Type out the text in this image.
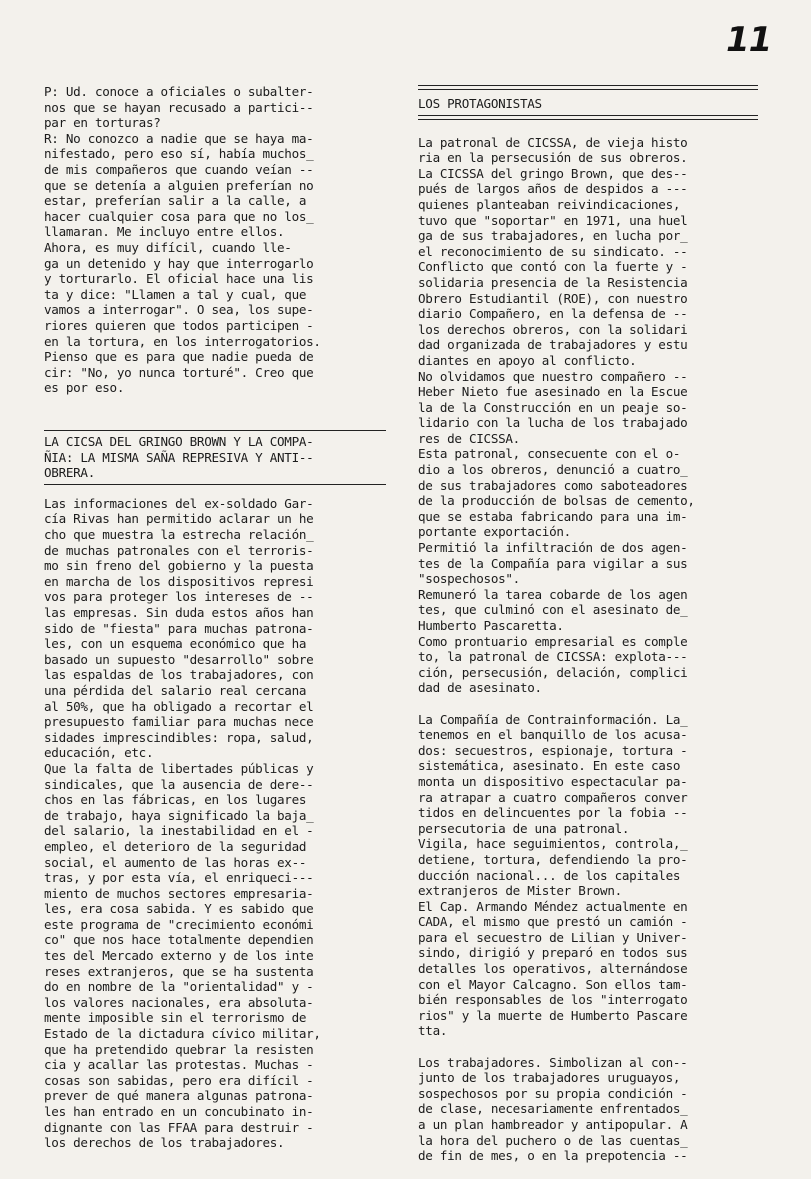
11
P: Ud. conoce a oficiales o subalter-
nos que se hayan recusado a partici--
par en torturas?
R: No conozco a nadie que se haya ma-
nifestado, pero eso sí, había muchos_
de mis compañeros que cuando veían --
que se detenía a alguien preferían no
estar, preferían salir a la calle, a
hacer cualquier cosa para que no los_
llamaran. Me incluyo entre ellos.
Ahora, es muy difícil, cuando lle-
ga un detenido y hay que interrogarlo
y torturarlo. El oficial hace una lis
ta y dice: "Llamen a tal y cual, que
vamos a interrogar". O sea, los supe-
riores quieren que todos participen -
en la tortura, en los interrogatorios.
Pienso que es para que nadie pueda de
cir: "No, yo nunca torturé". Creo que
es por eso.
LA CICSA DEL GRINGO BROWN Y LA COMPA-
ÑIA: LA MISMA SAÑA REPRESIVA Y ANTI--
OBRERA.
Las informaciones del ex-soldado Gar-
cía Rivas han permitido aclarar un he
cho que muestra la estrecha relación_
de muchas patronales con el terroris-
mo sin freno del gobierno y la puesta
en marcha de los dispositivos represi
vos para proteger los intereses de --
las empresas. Sin duda estos años han
sido de "fiesta" para muchas patrona-
les, con un esquema económico que ha
basado un supuesto "desarrollo" sobre
las espaldas de los trabajadores, con
una pérdida del salario real cercana
al 50%, que ha obligado a recortar el
presupuesto familiar para muchas nece
sidades imprescindibles: ropa, salud,
educación, etc.
Que la falta de libertades públicas y
sindicales, que la ausencia de dere--
chos en las fábricas, en los lugares
de trabajo, haya significado la baja_
del salario, la inestabilidad en el -
empleo, el deterioro de la seguridad
social, el aumento de las horas ex--
tras, y por esta vía, el enriqueci---
miento de muchos sectores empresaria-
les, era cosa sabida. Y es sabido que
este programa de "crecimiento económi
co" que nos hace totalmente dependien
tes del Mercado externo y de los inte
reses extranjeros, que se ha sustenta
do en nombre de la "orientalidad" y -
los valores nacionales, era absoluta-
mente imposible sin el terrorismo de
Estado de la dictadura cívico militar,
que ha pretendido quebrar la resisten
cia y acallar las protestas. Muchas -
cosas son sabidas, pero era difícil -
prever de qué manera algunas patrona-
les han entrado en un concubinato in-
dignante con las FFAA para destruir -
los derechos de los trabajadores.
LOS PROTAGONISTAS
La patronal de CICSSA, de vieja histo
ria en la persecusión de sus obreros.
La CICSSA del gringo Brown, que des--
pués de largos años de despidos a ---
quienes planteaban reivindicaciones,
tuvo que "soportar" en 1971, una huel
ga de sus trabajadores, en lucha por_
el reconocimiento de su sindicato. --
Conflicto que contó con la fuerte y -
solidaria presencia de la Resistencia
Obrero Estudiantil (ROE), con nuestro
diario Compañero, en la defensa de --
los derechos obreros, con la solidari
dad organizada de trabajadores y estu
diantes en apoyo al conflicto.
No olvidamos que nuestro compañero --
Heber Nieto fue asesinado en la Escue
la de la Construcción en un peaje so-
lidario con la lucha de los trabajado
res de CICSSA.
Esta patronal, consecuente con el o-
dio a los obreros, denunció a cuatro_
de sus trabajadores como saboteadores
de la producción de bolsas de cemento,
que se estaba fabricando para una im-
portante exportación.
Permitió la infiltración de dos agen-
tes de la Compañía para vigilar a sus
"sospechosos".
Remuneró la tarea cobarde de los agen
tes, que culminó con el asesinato de_
Humberto Pascaretta.
Como prontuario empresarial es comple
to, la patronal de CICSSA: explota---
ción, persecusión, delación, complici
dad de asesinato.
La Compañía de Contrainformación. La_
tenemos en el banquillo de los acusa-
dos: secuestros, espionaje, tortura -
sistemática, asesinato. En este caso
monta un dispositivo espectacular pa-
ra atrapar a cuatro compañeros conver
tidos en delincuentes por la fobia --
persecutoria de una patronal.
Vigila, hace seguimientos, controla,_
detiene, tortura, defendiendo la pro-
ducción nacional... de los capitales
extranjeros de Mister Brown.
El Cap. Armando Méndez actualmente en
CADA, el mismo que prestó un camión -
para el secuestro de Lilian y Univer-
sindo, dirigió y preparó en todos sus
detalles los operativos, alternándose
con el Mayor Calcagno. Son ellos tam-
bién responsables de los "interrogato
rios" y la muerte de Humberto Pascare
tta.
Los trabajadores. Simbolizan al con--
junto de los trabajadores uruguayos,
sospechosos por su propia condición -
de clase, necesariamente enfrentados_
a un plan hambreador y antipopular. A
la hora del puchero o de las cuentas_
de fin de mes, o en la prepotencia --
